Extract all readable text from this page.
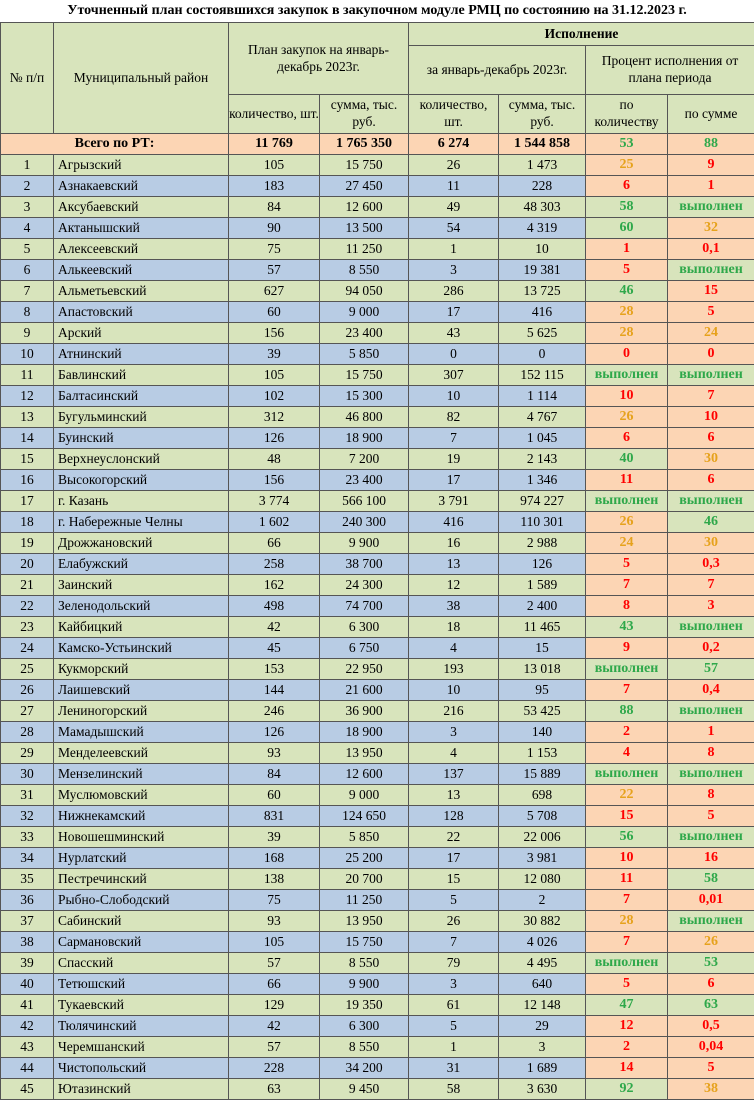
Уточненный план состоявшихся закупок в закупочном модуле РМЦ по состоянию на 31.12.2023 г.
№ п/п	Муниципальный район	План закупок на январь-декабрь 2023г.		Исполнение			
				за январь-декабрь 2023г.		Процент исполнения от плана периода	
		количество, шт.	сумма, тыс. руб.	количество, шт.	сумма, тыс. руб.	по количеству	по сумме
Всего по РТ:		11 769	1 765 350	6 274	1 544 858	53	88
1	Агрызский	105	15 750	26	1 473	25	9
2	Азнакаевский	183	27 450	11	228	6	1
3	Аксубаевский	84	12 600	49	48 303	58	выполнен
4	Актанышский	90	13 500	54	4 319	60	32
5	Алексеевский	75	11 250	1	10	1	0,1
6	Алькеевский	57	8 550	3	19 381	5	выполнен
7	Альметьевский	627	94 050	286	13 725	46	15
8	Апастовский	60	9 000	17	416	28	5
9	Арский	156	23 400	43	5 625	28	24
10	Атнинский	39	5 850	0	0	0	0
11	Бавлинский	105	15 750	307	152 115	выполнен	выполнен
12	Балтасинский	102	15 300	10	1 114	10	7
13	Бугульминский	312	46 800	82	4 767	26	10
14	Буинский	126	18 900	7	1 045	6	6
15	Верхнеуслонский	48	7 200	19	2 143	40	30
16	Высокогорский	156	23 400	17	1 346	11	6
17	г. Казань	3 774	566 100	3 791	974 227	выполнен	выполнен
18	г. Набережные Челны	1 602	240 300	416	110 301	26	46
19	Дрожжановский	66	9 900	16	2 988	24	30
20	Елабужский	258	38 700	13	126	5	0,3
21	Заинский	162	24 300	12	1 589	7	7
22	Зеленодольский	498	74 700	38	2 400	8	3
23	Кайбицкий	42	6 300	18	11 465	43	выполнен
24	Камско-Устьинский	45	6 750	4	15	9	0,2
25	Кукморский	153	22 950	193	13 018	выполнен	57
26	Лаишевский	144	21 600	10	95	7	0,4
27	Лениногорский	246	36 900	216	53 425	88	выполнен
28	Мамадышский	126	18 900	3	140	2	1
29	Менделеевский	93	13 950	4	1 153	4	8
30	Мензелинский	84	12 600	137	15 889	выполнен	выполнен
31	Муслюмовский	60	9 000	13	698	22	8
32	Нижнекамский	831	124 650	128	5 708	15	5
33	Новошешминский	39	5 850	22	22 006	56	выполнен
34	Нурлатский	168	25 200	17	3 981	10	16
35	Пестречинский	138	20 700	15	12 080	11	58
36	Рыбно-Слободский	75	11 250	5	2	7	0,01
37	Сабинский	93	13 950	26	30 882	28	выполнен
38	Сармановский	105	15 750	7	4 026	7	26
39	Спасский	57	8 550	79	4 495	выполнен	53
40	Тетюшский	66	9 900	3	640	5	6
41	Тукаевский	129	19 350	61	12 148	47	63
42	Тюлячинский	42	6 300	5	29	12	0,5
43	Черемшанский	57	8 550	1	3	2	0,04
44	Чистопольский	228	34 200	31	1 689	14	5
45	Ютазинский	63	9 450	58	3 630	92	38
